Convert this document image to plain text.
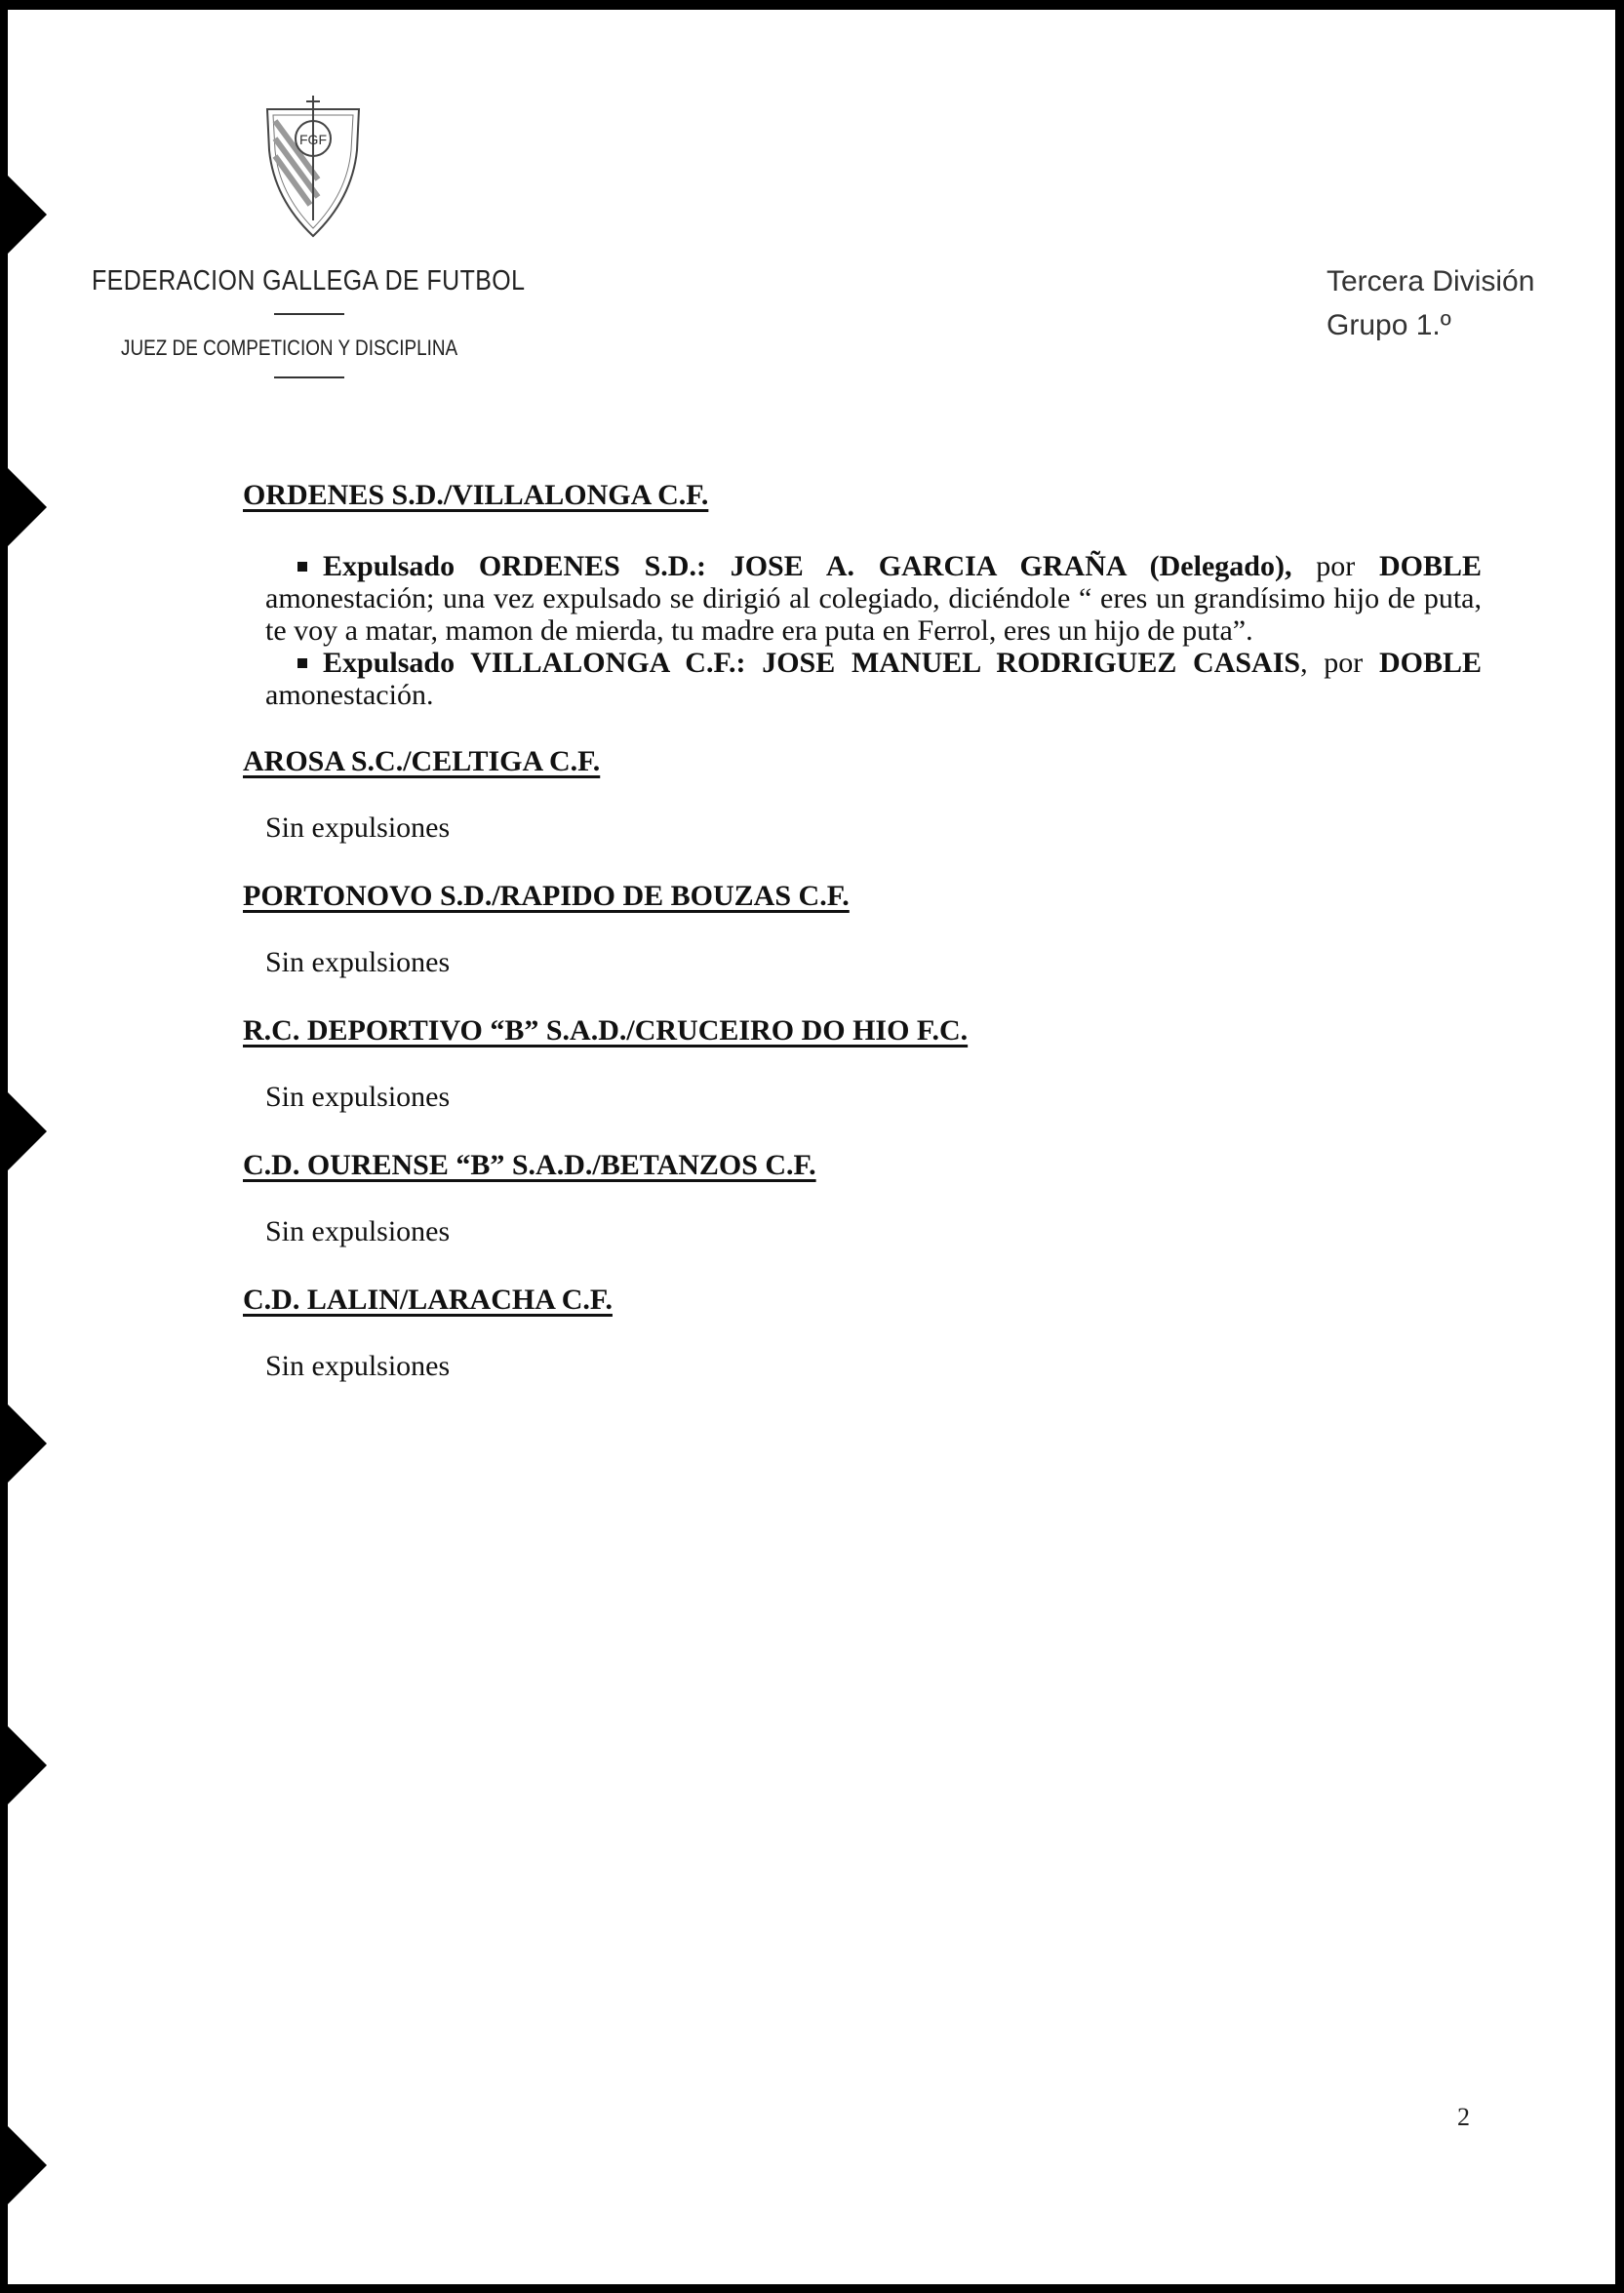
FGF
FEDERACION GALLEGA DE FUTBOL
JUEZ DE COMPETICION Y DISCIPLINA
Tercera División
Grupo 1.º
ORDENES S.D./VILLALONGA C.F.

Expulsado ORDENES S.D.: JOSE A. GARCIA GRAÑA (Delegado), por DOBLE amonestación; una vez expulsado se dirigió al colegiado, diciéndole “ eres un grandísimo hijo de puta, te voy a matar, mamon de mierda, tu madre era puta en Ferrol, eres un hijo de puta”.

Expulsado VILLALONGA C.F.: JOSE MANUEL RODRIGUEZ CASAIS, por DOBLE amonestación.

AROSA S.C./CELTIGA C.F.
Sin expulsiones
PORTONOVO S.D./RAPIDO DE BOUZAS C.F.
Sin expulsiones
R.C. DEPORTIVO “B” S.A.D./CRUCEIRO DO HIO F.C.
Sin expulsiones
C.D. OURENSE “B” S.A.D./BETANZOS C.F.
Sin expulsiones
C.D. LALIN/LARACHA C.F.
Sin expulsiones
2
